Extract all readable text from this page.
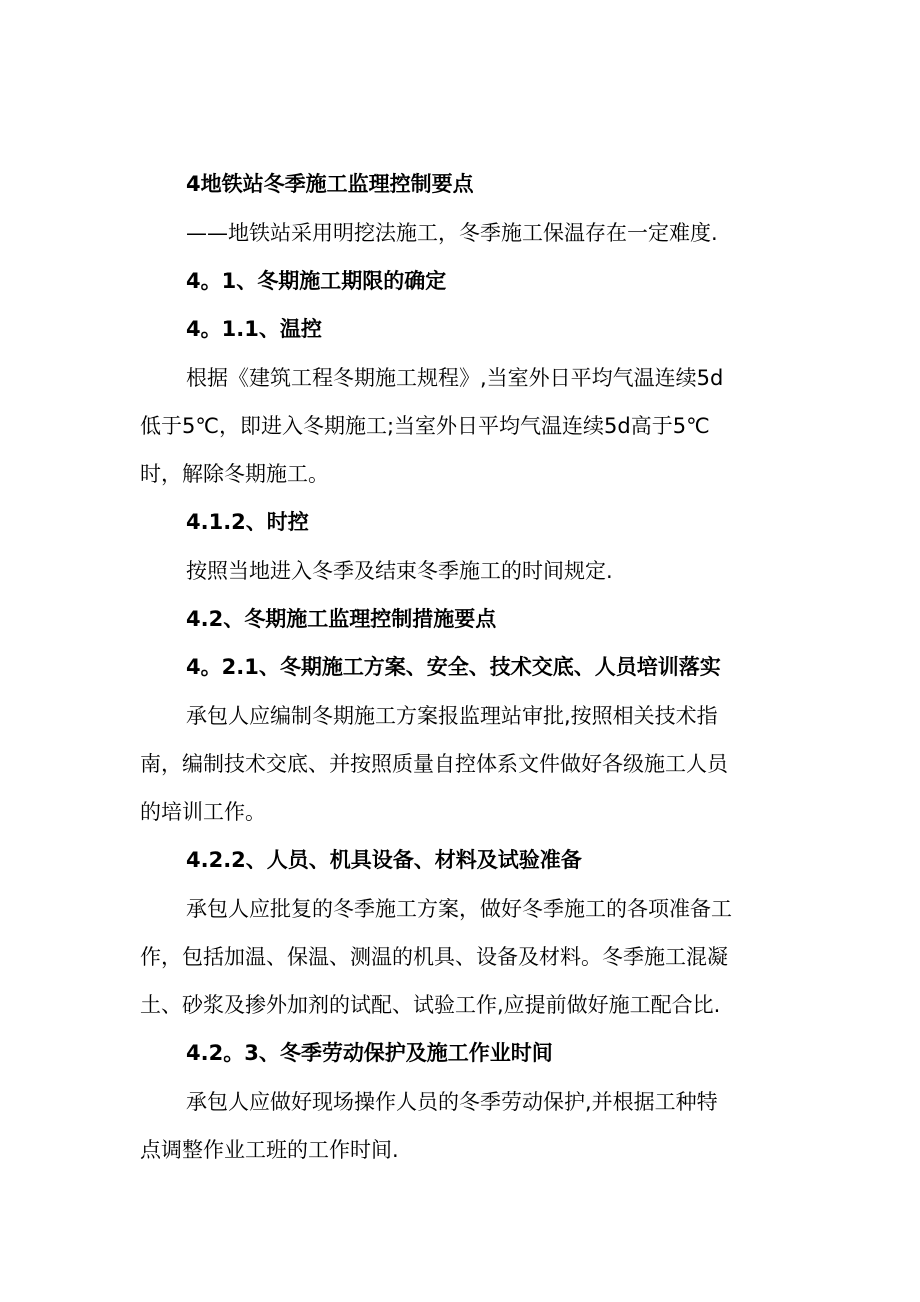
4地铁站冬季施工监理控制要点

——地铁站采用明挖法施工，冬季施工保温存在一定难度.

4。1、冬期施工期限的确定
4。1.1、温控

根据《建筑工程冬期施工规程》,当室外日平均气温连续5d

低于5℃，即进入冬期施工;当室外日平均气温连续5d高于5℃

时，解除冬期施工。

4.1.2、时控

按照当地进入冬季及结束冬季施工的时间规定.

4.2、冬期施工监理控制措施要点
4。2.1、冬期施工方案、安全、技术交底、人员培训落实

承包人应编制冬期施工方案报监理站审批,按照相关技术指

南，编制技术交底、并按照质量自控体系文件做好各级施工人员

的培训工作。

4.2.2、人员、机具设备、材料及试验准备

承包人应批复的冬季施工方案，做好冬季施工的各项准备工

作，包括加温、保温、测温的机具、设备及材料。冬季施工混凝

土、砂浆及掺外加剂的试配、试验工作,应提前做好施工配合比.

4.2。3、冬季劳动保护及施工作业时间

承包人应做好现场操作人员的冬季劳动保护,并根据工种特

点调整作业工班的工作时间.
